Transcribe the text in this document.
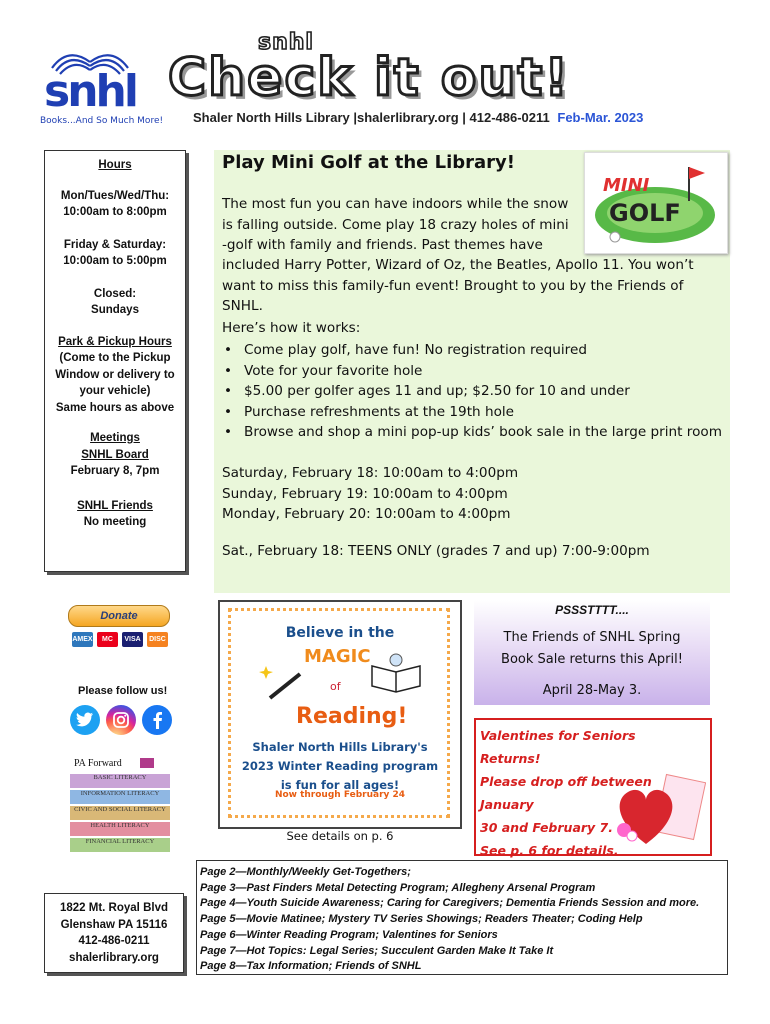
snhl
Books...And So Much More!
snhl
Check it out!
Shaler North Hills Library |shalerlibrary.org | 412-486-0211 Feb-Mar. 2023

Hours

Mon/Tues/Wed/Thu:

10:00am to 8:00pm

Friday & Saturday:

10:00am to 5:00pm

Closed:

Sundays

Park & Pickup Hours

(Come to the Pickup

Window or delivery to

your vehicle)

Same hours as above

Meetings

SNHL Board

February 8, 7pm

SNHL Friends

No meeting

Play Mini Golf at the Library!
The most fun you can have indoors while the snow
is falling outside. Come play 18 crazy holes of mini
-golf with family and friends. Past themes have
included Harry Potter, Wizard of Oz, the Beatles, Apollo 11. You won’t want to miss this family-fun event! Brought to you by the Friends of SNHL.
Here’s how it works:
• Come play golf, have fun! No registration required
• Vote for your favorite hole
• $5.00 per golfer ages 11 and up; $2.50 for 10 and under
• Purchase refreshments at the 19th hole
• Browse and shop a mini pop-up kids’ book sale in the large print room
Saturday, February 18: 10:00am to 4:00pm
Sunday, February 19: 10:00am to 4:00pm
Monday, February 20: 10:00am to 4:00pm
Sat., February 18: TEENS ONLY (grades 7 and up) 7:00-9:00pm
MINI
GOLF
Donate
AMEX	MC	VISA	DISC
Please follow us!
PA Forward
BASIC LITERACY
INFORMATION LITERACY
CIVIC AND SOCIAL LITERACY
HEALTH LITERACY
FINANCIAL LITERACY
1822 Mt. Royal Blvd
Glenshaw PA 15116
412-486-0211
shalerlibrary.org
Believe in the
MAGIC
of
Reading!
Shaler North Hills Library's
2023 Winter Reading program
is fun for all ages!
Now through February 24
See details on p. 6
PSSSTTTT....
The Friends of SNHL Spring
Book Sale returns this April!
April 28-May 3.
Valentines for Seniors Returns!
Please drop off between January
30 and February 7.
See p. 6 for details.
Page 2—Monthly/Weekly Get-Togethers;
Page 3—Past Finders Metal Detecting Program; Allegheny Arsenal Program
Page 4—Youth Suicide Awareness; Caring for Caregivers; Dementia Friends Session and more.
Page 5—Movie Matinee; Mystery TV Series Showings; Readers Theater; Coding Help
Page 6—Winter Reading Program; Valentines for Seniors
Page 7—Hot Topics: Legal Series; Succulent Garden Make It Take It
Page 8—Tax Information; Friends of SNHL
